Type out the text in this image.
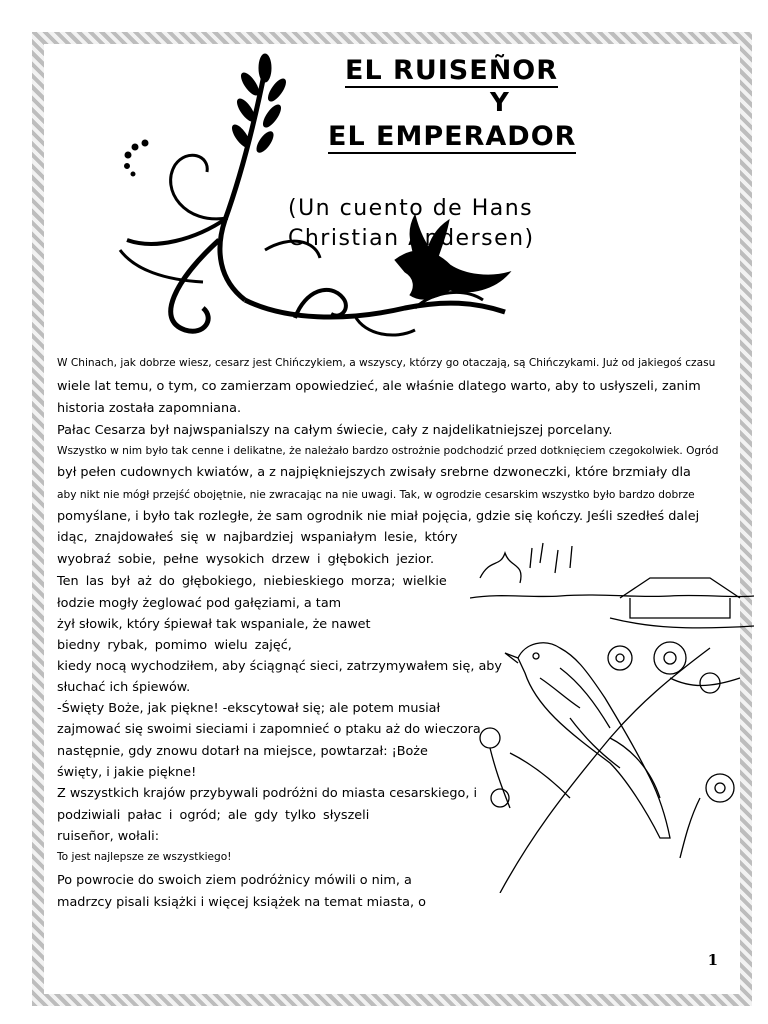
EL RUISEÑOR
Y
EL EMPERADOR
(Un cuento de Hans
Christian Andersen)
W Chinach, jak dobrze wiesz, cesarz jest Chińczykiem, a wszyscy, którzy go otaczają, są Chińczykami. Już od jakiegoś czasu
wiele lat temu, o tym, co zamierzam opowiedzieć, ale właśnie dlatego warto, aby to usłyszeli, zanim
historia została zapomniana.
Pałac Cesarza był najwspanialszy na całym świecie, cały z najdelikatniejszej porcelany.
Wszystko w nim było tak cenne i delikatne, że należało bardzo ostrożnie podchodzić przed dotknięciem czegokolwiek. Ogród
był pełen cudownych kwiatów, a z najpiękniejszych zwisały srebrne dzwoneczki, które brzmiały dla
aby nikt nie mógł przejść obojętnie, nie zwracając na nie uwagi. Tak, w ogrodzie cesarskim wszystko było bardzo dobrze
pomyślane, i było tak rozległe, że sam ogrodnik nie miał pojęcia, gdzie się kończy. Jeśli szedłeś dalej
idąc, znajdowałeś się w najbardziej wspaniałym lesie, który
wyobraź sobie, pełne wysokich drzew i głębokich jezior.
Ten las był aż do głębokiego, niebieskiego morza; wielkie
łodzie mogły żeglować pod gałęziami, a tam
żył słowik, który śpiewał tak wspaniale, że nawet
biedny rybak, pomimo wielu zajęć,
kiedy nocą wychodziłem, aby ściągnąć sieci, zatrzymywałem się, aby
słuchać ich śpiewów.
-Święty Boże, jak piękne! -ekscytował się; ale potem musiał
zajmować się swoimi sieciami i zapomnieć o ptaku aż do wieczora
następnie, gdy znowu dotarł na miejsce, powtarzał: ¡Boże
święty, i jakie piękne!
Z wszystkich krajów przybywali podróżni do miasta cesarskiego, i
podziwiali pałac i ogród; ale gdy tylko słyszeli
ruiseñor, wołali:
To jest najlepsze ze wszystkiego!
Po powrocie do swoich ziem podróżnicy mówili o nim, a
madrzcy pisali książki i więcej książek na temat miasta, o
1
